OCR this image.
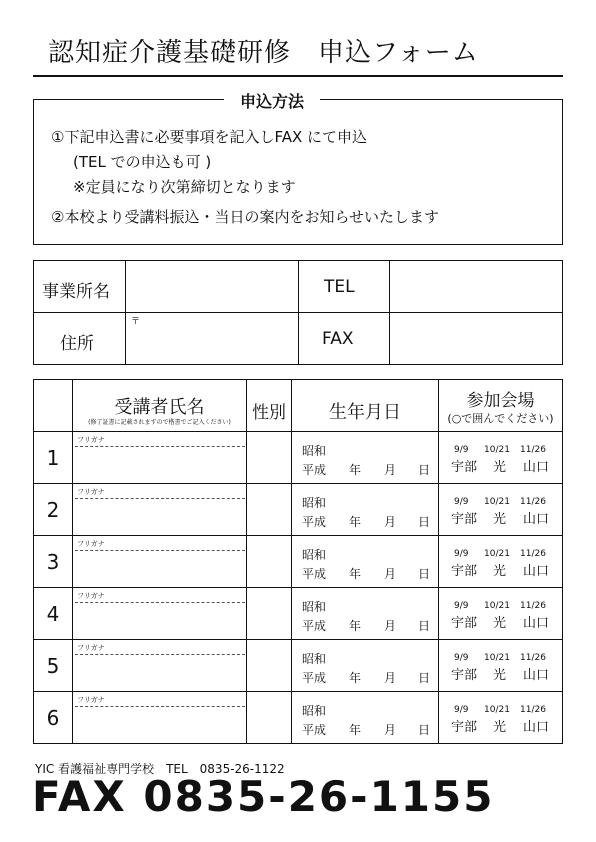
認知症介護基礎研修　申込フォーム
①下記申込書に必要事項を記入しFAX にて申込
(TEL での申込も可 )
※定員になり次第締切となります
②本校より受講料振込・当日の案内をお知らせいたします
申込方法
事業所名
住所
〒
TEL
FAX
受講者氏名
(修了証書に記載されますので楷書でご記入ください)	性別	生年月日
参加会場
(○で囲んでください)
1
フリガナ
昭和
平成 年 月 日
9/9 10/21 11/26
宇部 光 山口
2
フリガナ
昭和
平成 年 月 日
9/9 10/21 11/26
宇部 光 山口
3
フリガナ
昭和
平成 年 月 日
9/9 10/21 11/26
宇部 光 山口
4
フリガナ
昭和
平成 年 月 日
9/9 10/21 11/26
宇部 光 山口
5
フリガナ
昭和
平成 年 月 日
9/9 10/21 11/26
宇部 光 山口
6
フリガナ
昭和
平成 年 月 日
9/9 10/21 11/26
宇部 光 山口
YIC 看護福祉専門学校　TEL　0835-26-1122
FAX 0835-26-1155
